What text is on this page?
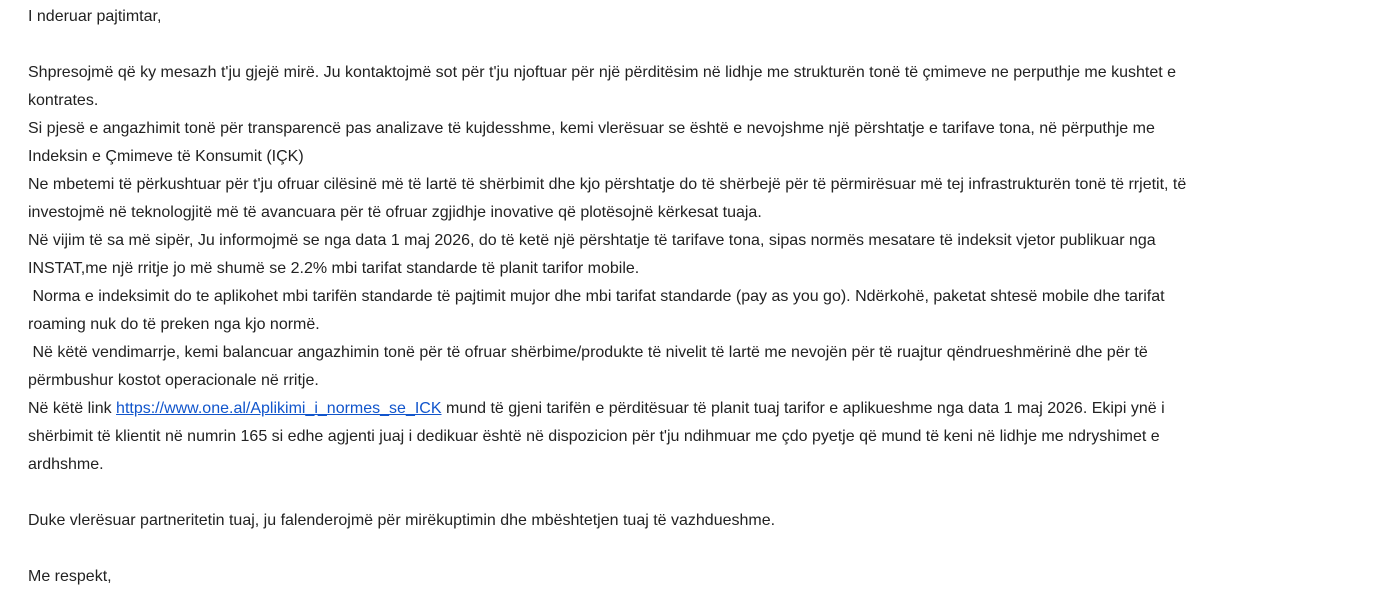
I nderuar pajtimtar,
Shpresojmë që ky mesazh t'ju gjejë mirë. Ju kontaktojmë sot për t'ju njoftuar për një përditësim në lidhje me strukturën tonë të çmimeve ne perputhje me kushtet e
kontrates.
Si pjesë e angazhimit tonë për transparencë pas analizave të kujdesshme, kemi vlerësuar se është e nevojshme një përshtatje e tarifave tona, në përputhje me
Indeksin e Çmimeve të Konsumit (IÇK)
Ne mbetemi të përkushtuar për t'ju ofruar cilësinë më të lartë të shërbimit dhe kjo përshtatje do të shërbejë për të përmirësuar më tej infrastrukturën tonë të rrjetit, të
investojmë në teknologjitë më të avancuara për të ofruar zgjidhje inovative që plotësojnë kërkesat tuaja.
Në vijim të sa më sipër, Ju informojmë se nga data 1 maj 2026, do të ketë një përshtatje të tarifave tona, sipas normës mesatare të indeksit vjetor publikuar nga
INSTAT,me një rritje jo më shumë se 2.2% mbi tarifat standarde të planit tarifor mobile.
Norma e indeksimit do te aplikohet mbi tarifën standarde të pajtimit mujor dhe mbi tarifat standarde (pay as you go). Ndërkohë, paketat shtesë mobile dhe tarifat
roaming nuk do të preken nga kjo normë.
Në këtë vendimarrje, kemi balancuar angazhimin tonë për të ofruar shërbime/produkte të nivelit të lartë me nevojën për të ruajtur qëndrueshmërinë dhe për të
përmbushur kostot operacionale në rritje.
Në këtë link https://www.one.al/Aplikimi_i_normes_se_ICK mund të gjeni tarifën e përditësuar të planit tuaj tarifor e aplikueshme nga data 1 maj 2026. Ekipi ynë i
shërbimit të klientit në numrin 165 si edhe agjenti juaj i dedikuar është në dispozicion për t'ju ndihmuar me çdo pyetje që mund të keni në lidhje me ndryshimet e
ardhshme.
Duke vlerësuar partneritetin tuaj, ju falenderojmë për mirëkuptimin dhe mbështetjen tuaj të vazhdueshme.
Me respekt,
